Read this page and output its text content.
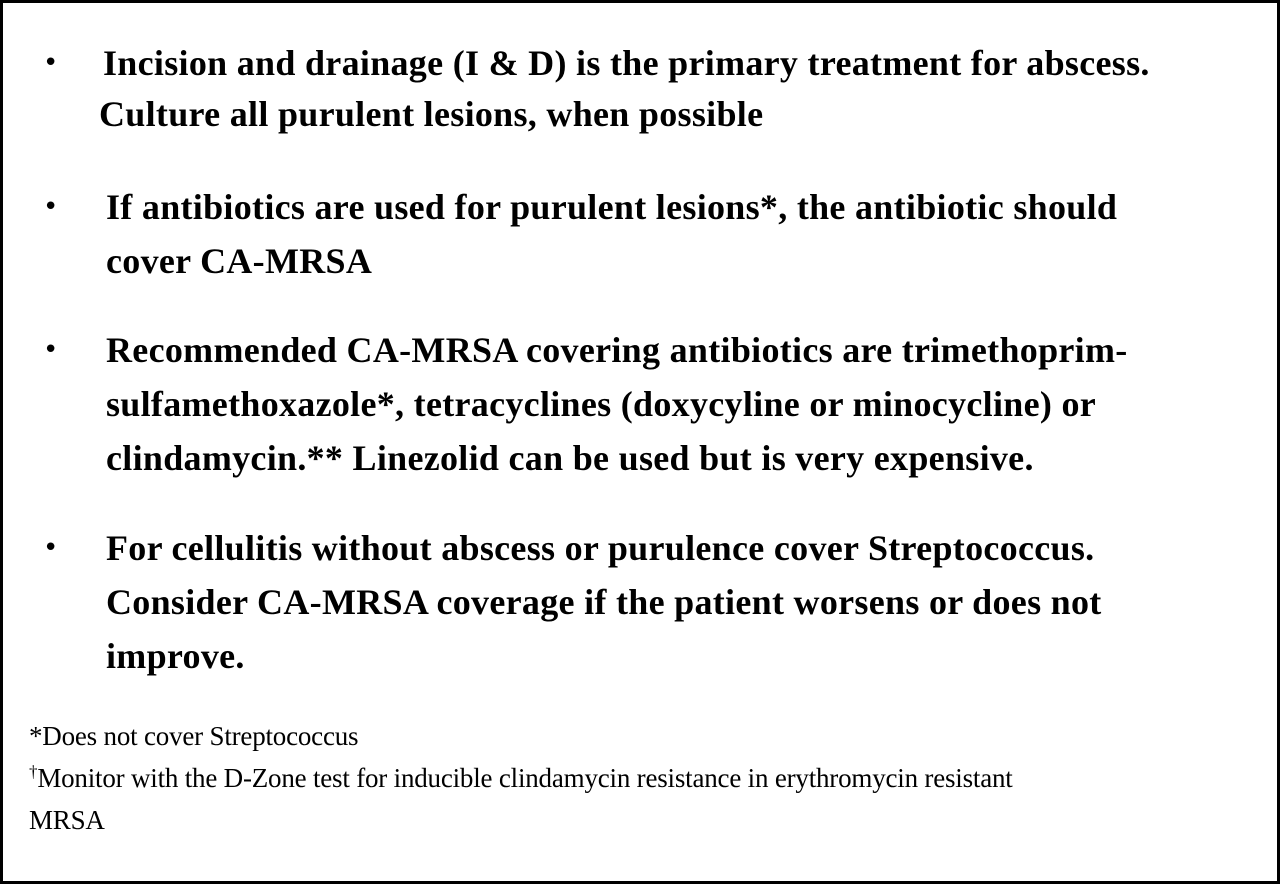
• Incision and drainage (I & D) is the primary treatment for abscess.
Culture all purulent lesions, when possible
• If antibiotics are used for purulent lesions*, the antibiotic should
cover CA-MRSA
• Recommended CA-MRSA covering antibiotics are trimethoprim-
sulfamethoxazole*, tetracyclines (doxycyline or minocycline) or
clindamycin.** Linezolid can be used but is very expensive.
• For cellulitis without abscess or purulence cover Streptococcus.
Consider CA-MRSA coverage if the patient worsens or does not
improve.
*Does not cover Streptococcus
†Monitor with the D-Zone test for inducible clindamycin resistance in erythromycin resistant
MRSA
